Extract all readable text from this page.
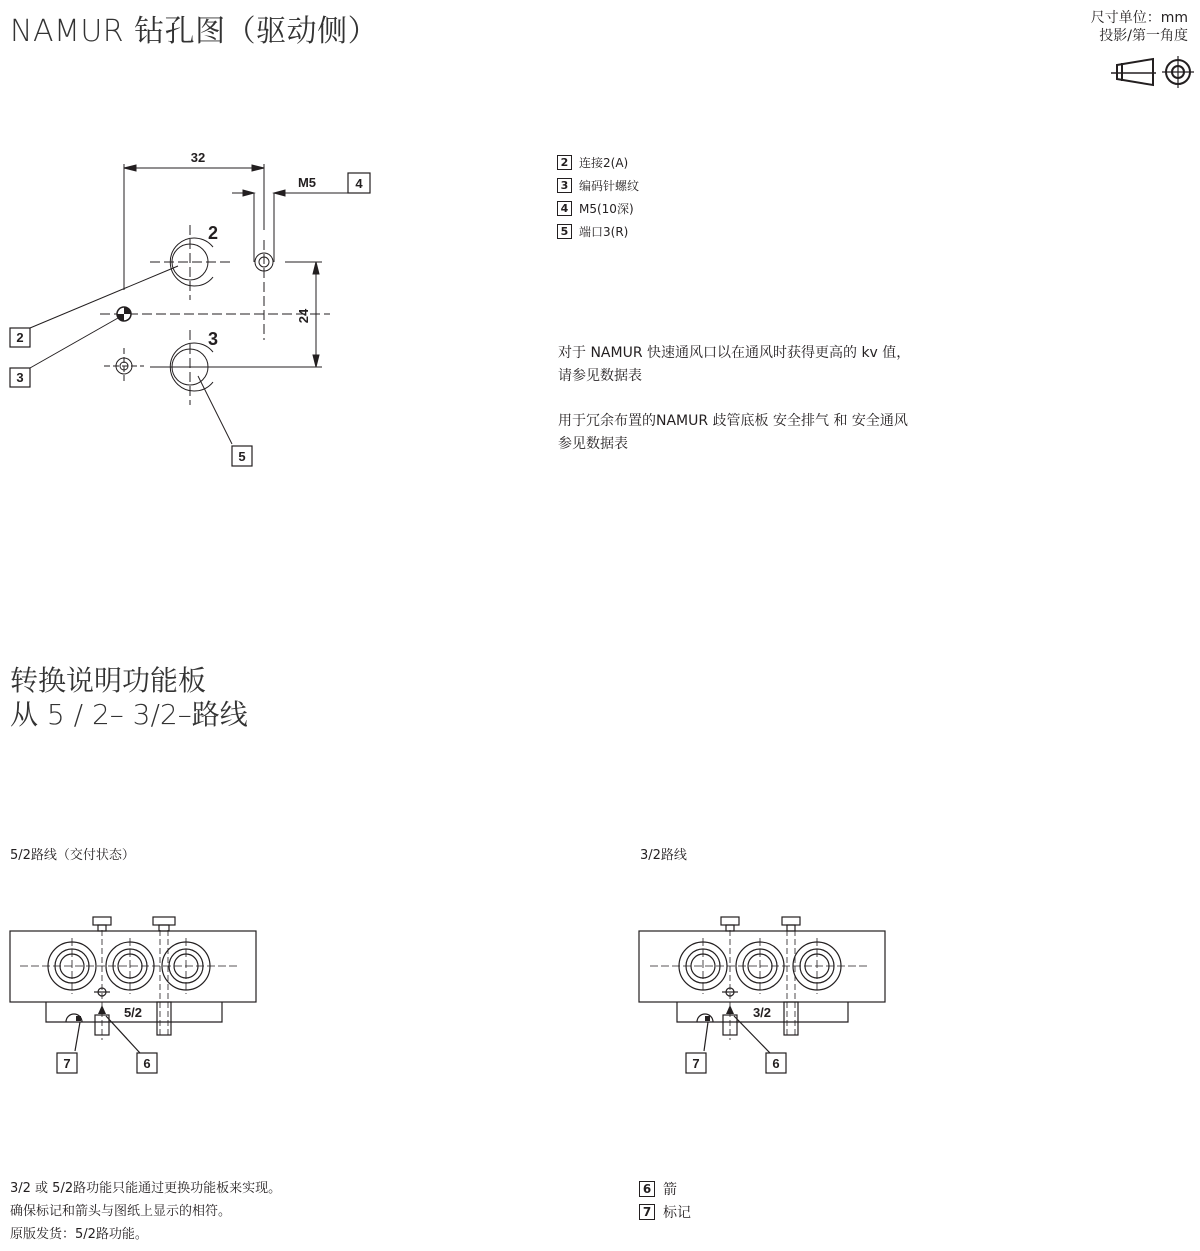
NAMUR 钻孔图（驱动侧）	尺寸单位：mm
投影/第一角度
32
M5
24
2
3
2
3
4
5
2 连接2(A)
3 编码针螺纹
4 M5(10深)
5 端口3(R)
对于 NAMUR 快速通风口以在通风时获得更高的 kv 值，
请参见数据表
用于冗余布置的NAMUR 歧管底板 安全排气 和 安全通风
参见数据表
转换说明功能板
从 5 / 2– 3/2–路线
5/2路线（交付状态）	3/2路线
5/2
7	6
3/2
7	6
3/2 或 5/2路功能只能通过更换功能板来实现。
确保标记和箭头与图纸上显示的相符。
原版发货：5/2路功能。
6 箭
7 标记
